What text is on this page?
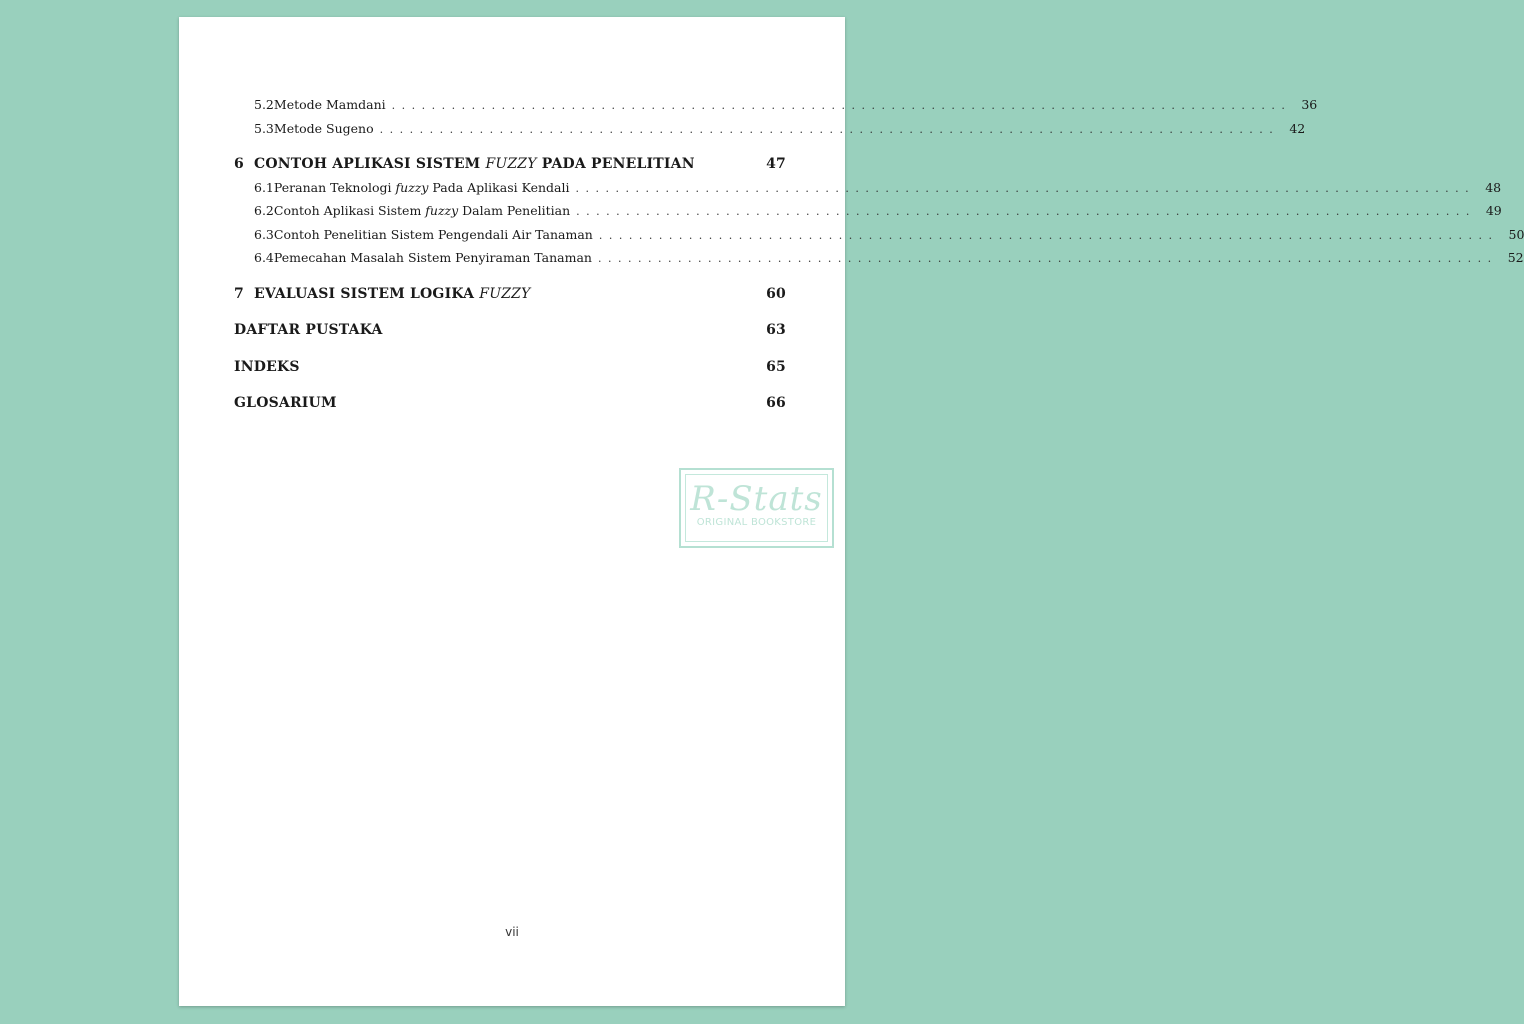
5.2 Metode Mamdani .......................................................................................... 36
5.3 Metode Sugeno .......................................................................................... 42
6 CONTOH APLIKASI SISTEM FUZZY PADA PENELITIAN	47
6.1 Peranan Teknologi fuzzy Pada Aplikasi Kendali .......................................................................................... 48
6.2 Contoh Aplikasi Sistem fuzzy Dalam Penelitian .......................................................................................... 49
6.3 Contoh Penelitian Sistem Pengendali Air Tanaman .......................................................................................... 50
6.4 Pemecahan Masalah Sistem Penyiraman Tanaman .......................................................................................... 52
7 EVALUASI SISTEM LOGIKA FUZZY	60
DAFTAR PUSTAKA	63
INDEKS	65
GLOSARIUM	66
vii
R-Stats
ORIGINAL BOOKSTORE
